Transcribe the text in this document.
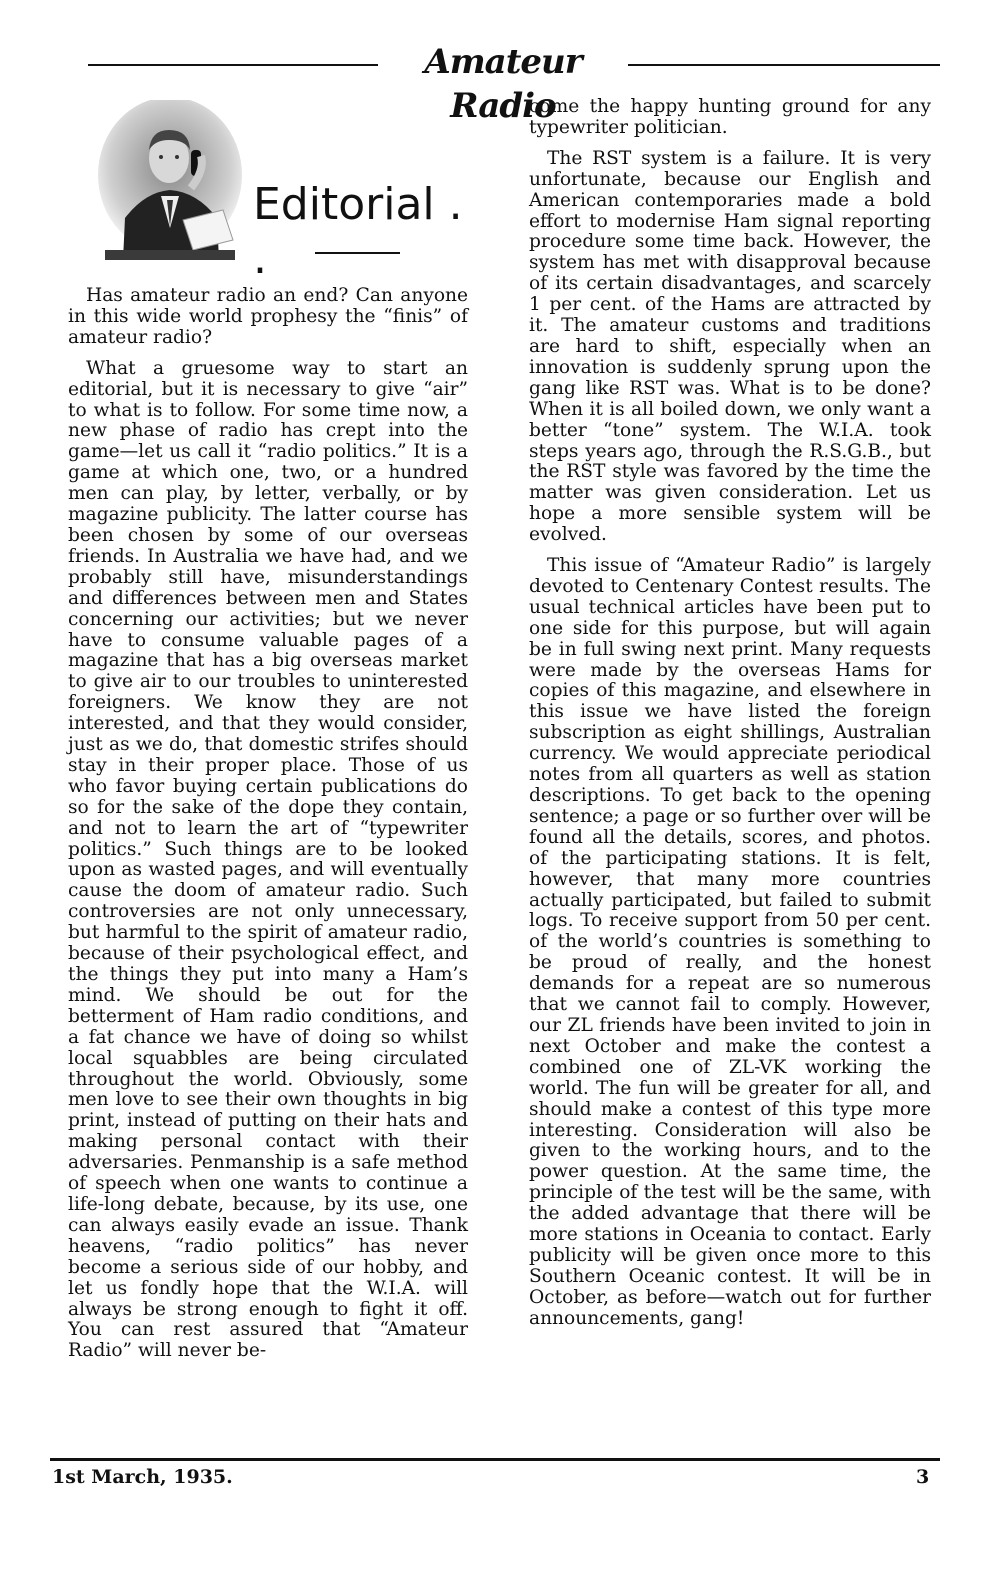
Amateur Radio
Editorial . .

Has amateur radio an end? Can anyone in this wide world prophesy the “finis” of amateur radio?

What a gruesome way to start an editorial, but it is necessary to give “air” to what is to follow. For some time now, a new phase of radio has crept into the game—let us call it “radio politics.” It is a game at which one, two, or a hundred men can play, by letter, verbally, or by magazine publicity. The latter course has been chosen by some of our overseas friends. In Australia we have had, and we probably still have, misunderstandings and differences between men and States concerning our activities; but we never have to consume valuable pages of a magazine that has a big overseas market to give air to our troubles to uninterested foreigners. We know they are not interested, and that they would consider, just as we do, that domestic strifes should stay in their proper place. Those of us who favor buying certain publications do so for the sake of the dope they contain, and not to learn the art of “typewriter politics.” Such things are to be looked upon as wasted pages, and will eventually cause the doom of amateur radio. Such controversies are not only unnecessary, but harmful to the spirit of amateur radio, because of their psychological effect, and the things they put into many a Ham’s mind. We should be out for the betterment of Ham radio conditions, and a fat chance we have of doing so whilst local squabbles are being circulated throughout the world. Obviously, some men love to see their own thoughts in big print, instead of putting on their hats and making personal contact with their adversaries. Penmanship is a safe method of speech when one wants to continue a life-long debate, because, by its use, one can always easily evade an issue. Thank heavens, “radio politics” has never become a serious side of our hobby, and let us fondly hope that the W.I.A. will always be strong enough to fight it off. You can rest assured that “Amateur Radio” will never be-

come the happy hunting ground for any typewriter politician.

The RST system is a failure. It is very unfortunate, because our English and American contemporaries made a bold effort to modernise Ham signal reporting procedure some time back. However, the system has met with disapproval because of its certain disadvantages, and scarcely 1 per cent. of the Hams are attracted by it. The amateur customs and traditions are hard to shift, especially when an innovation is suddenly sprung upon the gang like RST was. What is to be done? When it is all boiled down, we only want a better “tone” system. The W.I.A. took steps years ago, through the R.S.G.B., but the RST style was favored by the time the matter was given consideration. Let us hope a more sensible system will be evolved.

This issue of “Amateur Radio” is largely devoted to Centenary Contest results. The usual technical articles have been put to one side for this purpose, but will again be in full swing next print. Many requests were made by the overseas Hams for copies of this magazine, and elsewhere in this issue we have listed the foreign subscription as eight shillings, Australian currency. We would appreciate periodical notes from all quarters as well as station descriptions. To get back to the opening sentence; a page or so further over will be found all the details, scores, and photos. of the participating stations. It is felt, however, that many more countries actually participated, but failed to submit logs. To receive support from 50 per cent. of the world’s countries is something to be proud of really, and the honest demands for a repeat are so numerous that we cannot fail to comply. However, our ZL friends have been invited to join in next October and make the contest a combined one of ZL-VK working the world. The fun will be greater for all, and should make a contest of this type more interesting. Consideration will also be given to the working hours, and to the power question. At the same time, the principle of the test will be the same, with the added advantage that there will be more stations in Oceania to contact. Early publicity will be given once more to this Southern Oceanic contest. It will be in October, as before—watch out for further announcements, gang!

1st March, 1935.	3
